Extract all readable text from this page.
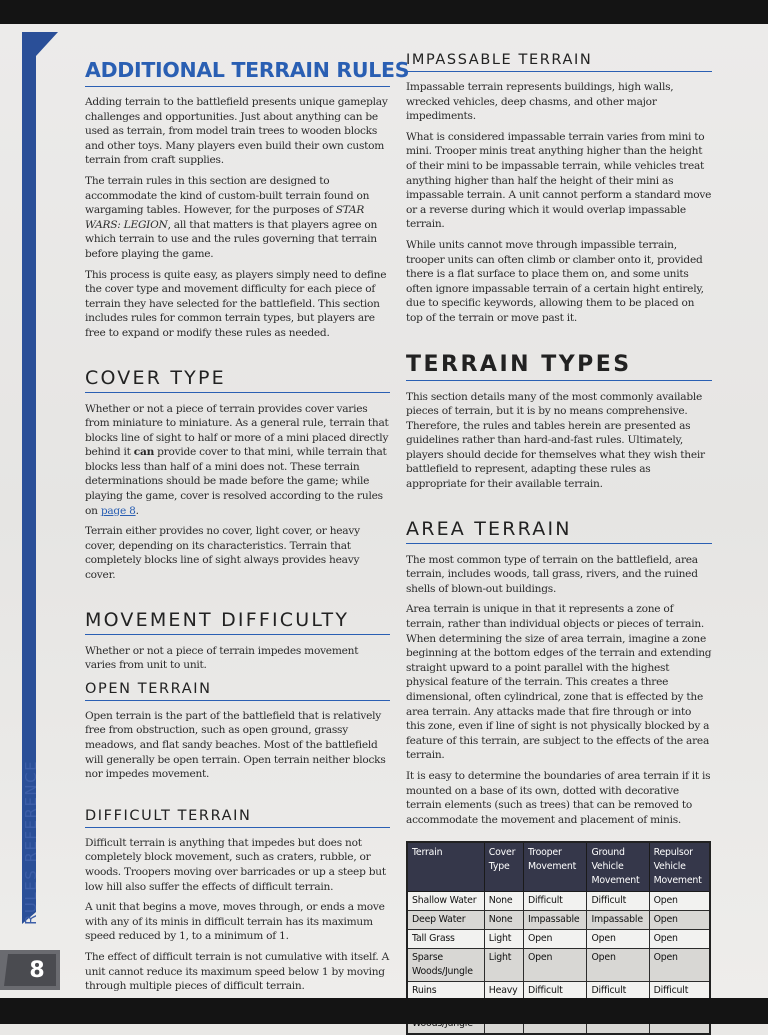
RULES REFERENCE
8
ADDITIONAL TERRAIN RULES

Adding terrain to the battlefield presents unique gameplay challenges and opportunities. Just about anything can be used as terrain, from model train trees to wooden blocks and other toys. Many players even build their own custom terrain from craft supplies.

The terrain rules in this section are designed to accommodate the kind of custom-built terrain found on wargaming tables. However, for the purposes of STAR WARS: LEGION, all that matters is that players agree on which terrain to use and the rules governing that terrain before playing the game.

This process is quite easy, as players simply need to define the cover type and movement difficulty for each piece of terrain they have selected for the battlefield. This section includes rules for common terrain types, but players are free to expand or modify these rules as needed.

COVER TYPE

Whether or not a piece of terrain provides cover varies from miniature to miniature. As a general rule, terrain that blocks line of sight to half or more of a mini placed directly behind it can provide cover to that mini, while terrain that blocks less than half of a mini does not. These terrain determinations should be made before the game; while playing the game, cover is resolved according to the rules on page 8.

Terrain either provides no cover, light cover, or heavy cover, depending on its characteristics. Terrain that completely blocks line of sight always provides heavy cover.

MOVEMENT DIFFICULTY

Whether or not a piece of terrain impedes movement varies from unit to unit.

OPEN TERRAIN

Open terrain is the part of the battlefield that is relatively free from obstruction, such as open ground, grassy meadows, and flat sandy beaches. Most of the battlefield will generally be open terrain. Open terrain neither blocks nor impedes movement.

DIFFICULT TERRAIN

Difficult terrain is anything that impedes but does not completely block movement, such as craters, rubble, or woods. Troopers moving over barricades or up a steep but low hill also suffer the effects of difficult terrain.

A unit that begins a move, moves through, or ends a move with any of its minis in difficult terrain has its maximum speed reduced by 1, to a minimum of 1.

The effect of difficult terrain is not cumulative with itself. A unit cannot reduce its maximum speed below 1 by moving through multiple pieces of difficult terrain.

IMPASSABLE TERRAIN

Impassable terrain represents buildings, high walls, wrecked vehicles, deep chasms, and other major impediments.

What is considered impassable terrain varies from mini to mini. Trooper minis treat anything higher than the height of their mini to be impassable terrain, while vehicles treat anything higher than half the height of their mini as impassable terrain. A unit cannot perform a standard move or a reverse during which it would overlap impassable terrain.

While units cannot move through impassible terrain, trooper units can often climb or clamber onto it, provided there is a flat surface to place them on, and some units often ignore impassable terrain of a certain hight entirely, due to specific keywords, allowing them to be placed on top of the terrain or move past it.

TERRAIN TYPES

This section details many of the most commonly available pieces of terrain, but it is by no means comprehensive. Therefore, the rules and tables herein are presented as guidelines rather than hard-and-fast rules. Ultimately, players should decide for themselves what they wish their battlefield to represent, adapting these rules as appropriate for their available terrain.

AREA TERRAIN

The most common type of terrain on the battlefield, area terrain, includes woods, tall grass, rivers, and the ruined shells of blown-out buildings.

Area terrain is unique in that it represents a zone of terrain, rather than individual objects or pieces of terrain. When determining the size of area terrain, imagine a zone beginning at the bottom edges of the terrain and extending straight upward to a point parallel with the highest physical feature of the terrain. This creates a three dimensional, often cylindrical, zone that is effected by the area terrain. Any attacks made that fire through or into this zone, even if line of sight is not physically blocked by a feature of this terrain, are subject to the effects of the area terrain.

It is easy to determine the boundaries of area terrain if it is mounted on a base of its own, dotted with decorative terrain elements (such as trees) that can be removed to accommodate the movement and placement of minis.

Terrain	Cover Type	Trooper Movement	Ground Vehicle Movement	Repulsor Vehicle Movement
Shallow Water	None	Difficult	Difficult	Open
Deep Water	None	Impassable	Impassable	Open
Tall Grass	Light	Open	Open	Open
Sparse Woods/Jungle	Light	Open	Open	Open
Ruins	Heavy	Difficult	Difficult	Difficult
